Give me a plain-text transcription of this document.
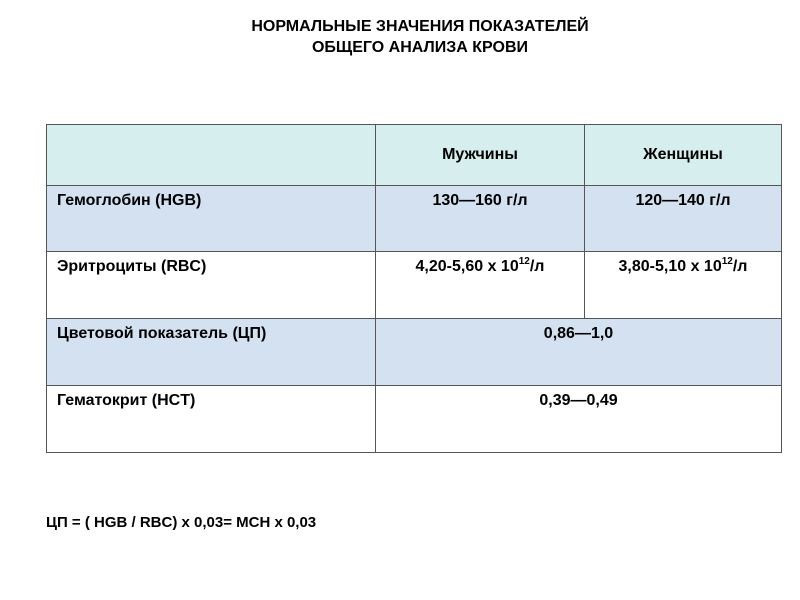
НОРМАЛЬНЫЕ ЗНАЧЕНИЯ ПОКАЗАТЕЛЕЙ
ОБЩЕГО АНАЛИЗА КРОВИ
	Мужчины	Женщины
Гемоглобин (HGB)	130—160 г/л	120—140 г/л
Эритроциты (RBC)	4,20-5,60 х $10^{12}/л$	3,80-5,10 х $10^{12}/л$
Цветовой показатель (ЦП)	0,86—1,0	
Гематокрит (HCT)	0,39—0,49	
ЦП = ( HGB / RBC) х 0,03= MCH х 0,03
